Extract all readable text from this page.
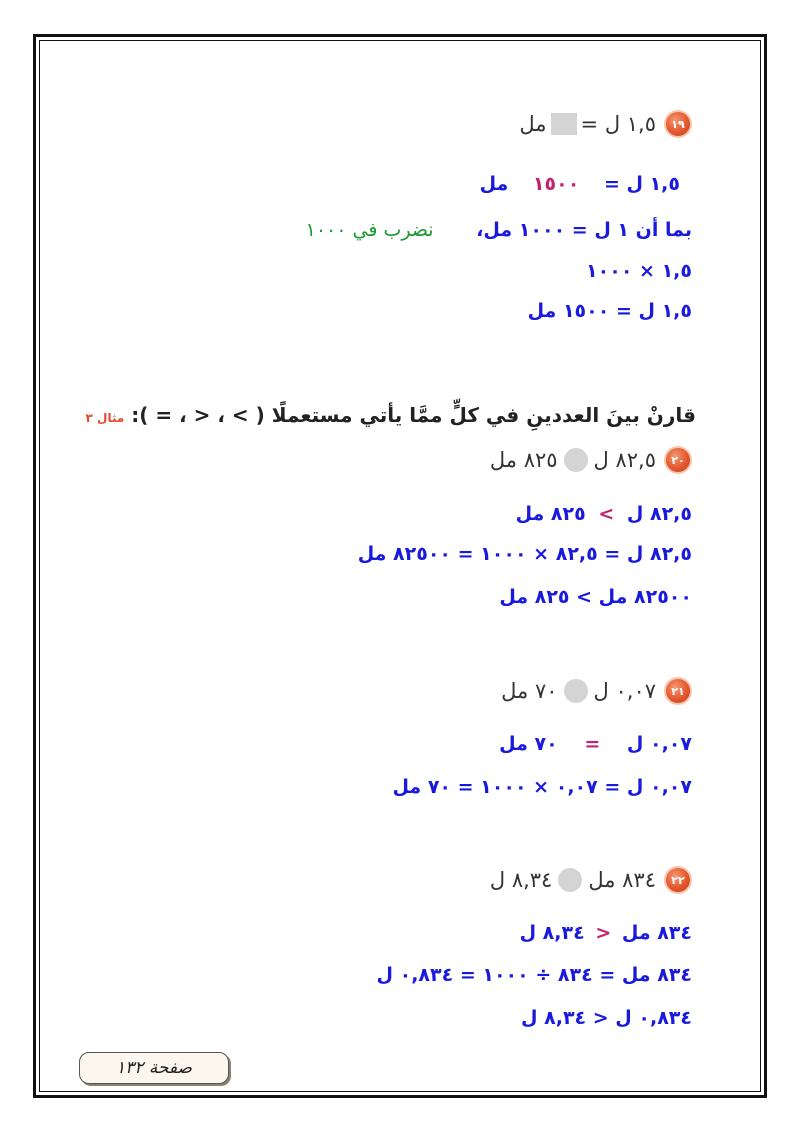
١٩
١,٥ ل =
مل
١,٥ ل = ١٥٠٠ مل
بما أن ١ ل = ١٠٠٠ مل، نضرب في ١٠٠٠
١,٥ × ١٠٠٠
١,٥ ل = ١٥٠٠ مل
قارنْ بينَ العددينِ في كلٍّ ممَّا يأتي مستعملًا ( > ، < ، = ): مثال ٣
٢٠
٨٢,٥ ل
٨٢٥ مل
٨٢,٥ ل > ٨٢٥ مل
٨٢,٥ ل = ٨٢,٥ × ١٠٠٠ = ٨٢٥٠٠ مل
٨٢٥٠٠ مل > ٨٢٥ مل
٢١
٠,٠٧ ل
٧٠ مل
٠,٠٧ ل = ٧٠ مل
٠,٠٧ ل = ٠,٠٧ × ١٠٠٠ = ٧٠ مل
٢٢
٨٣٤ مل
٨,٣٤ ل
٨٣٤ مل < ٨,٣٤ ل
٨٣٤ مل = ٨٣٤ ÷ ١٠٠٠ = ٠,٨٣٤ ل
٠,٨٣٤ ل < ٨,٣٤ ل
صفحة ١٣٢
